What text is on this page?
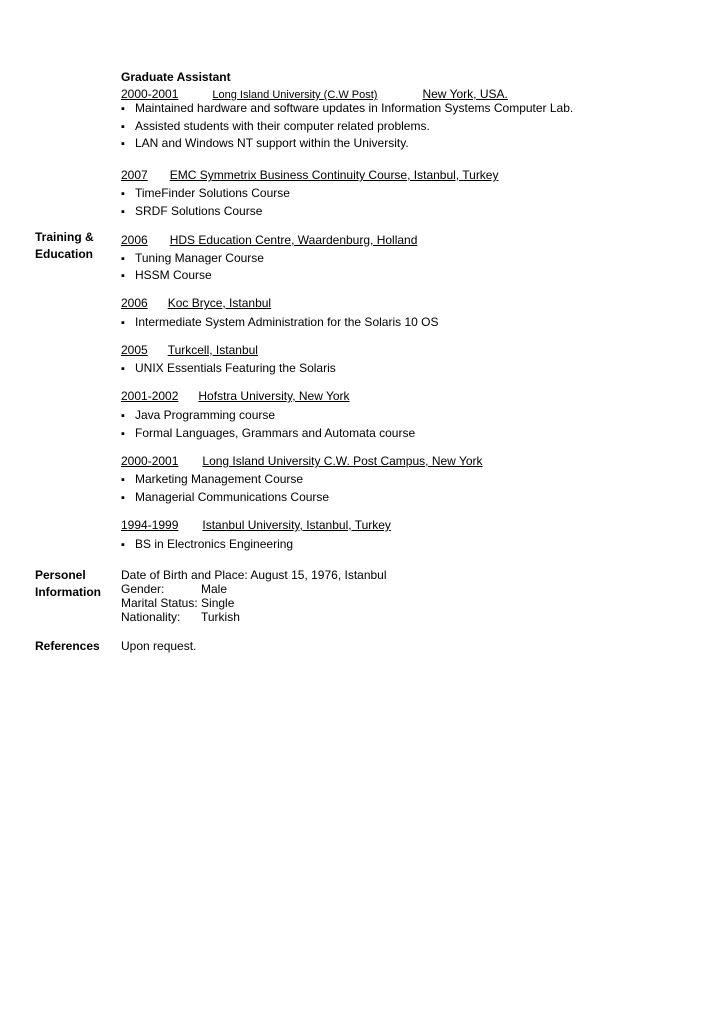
Graduate Assistant
2000-2001	Long Island University (C.W Post)	New York, USA.
▪ Maintained hardware and software updates in Information Systems Computer Lab.
▪ Assisted students with their computer related problems.
▪ LAN and Windows NT support within the University.
Training &
Education
2007 EMC Symmetrix Business Continuity Course, Istanbul, Turkey
▪ TimeFinder Solutions Course
▪ SRDF Solutions Course
2006 HDS Education Centre, Waardenburg, Holland
▪ Tuning Manager Course
▪ HSSM Course
2006 Koc Bryce, Istanbul
▪ Intermediate System Administration for the Solaris 10 OS
2005 Turkcell, Istanbul
▪ UNIX Essentials Featuring the Solaris
2001-2002 Hofstra University, New York
▪ Java Programming course
▪ Formal Languages, Grammars and Automata course
2000-2001 Long Island University C.W. Post Campus, New York
▪ Marketing Management Course
▪ Managerial Communications Course
1994-1999 Istanbul University, Istanbul, Turkey
▪ BS in Electronics Engineering
Personel
Information
Date of Birth and Place: August 15, 1976, Istanbul
Gender:	Male
Marital Status: Single
Nationality: Turkish
References Upon request.
